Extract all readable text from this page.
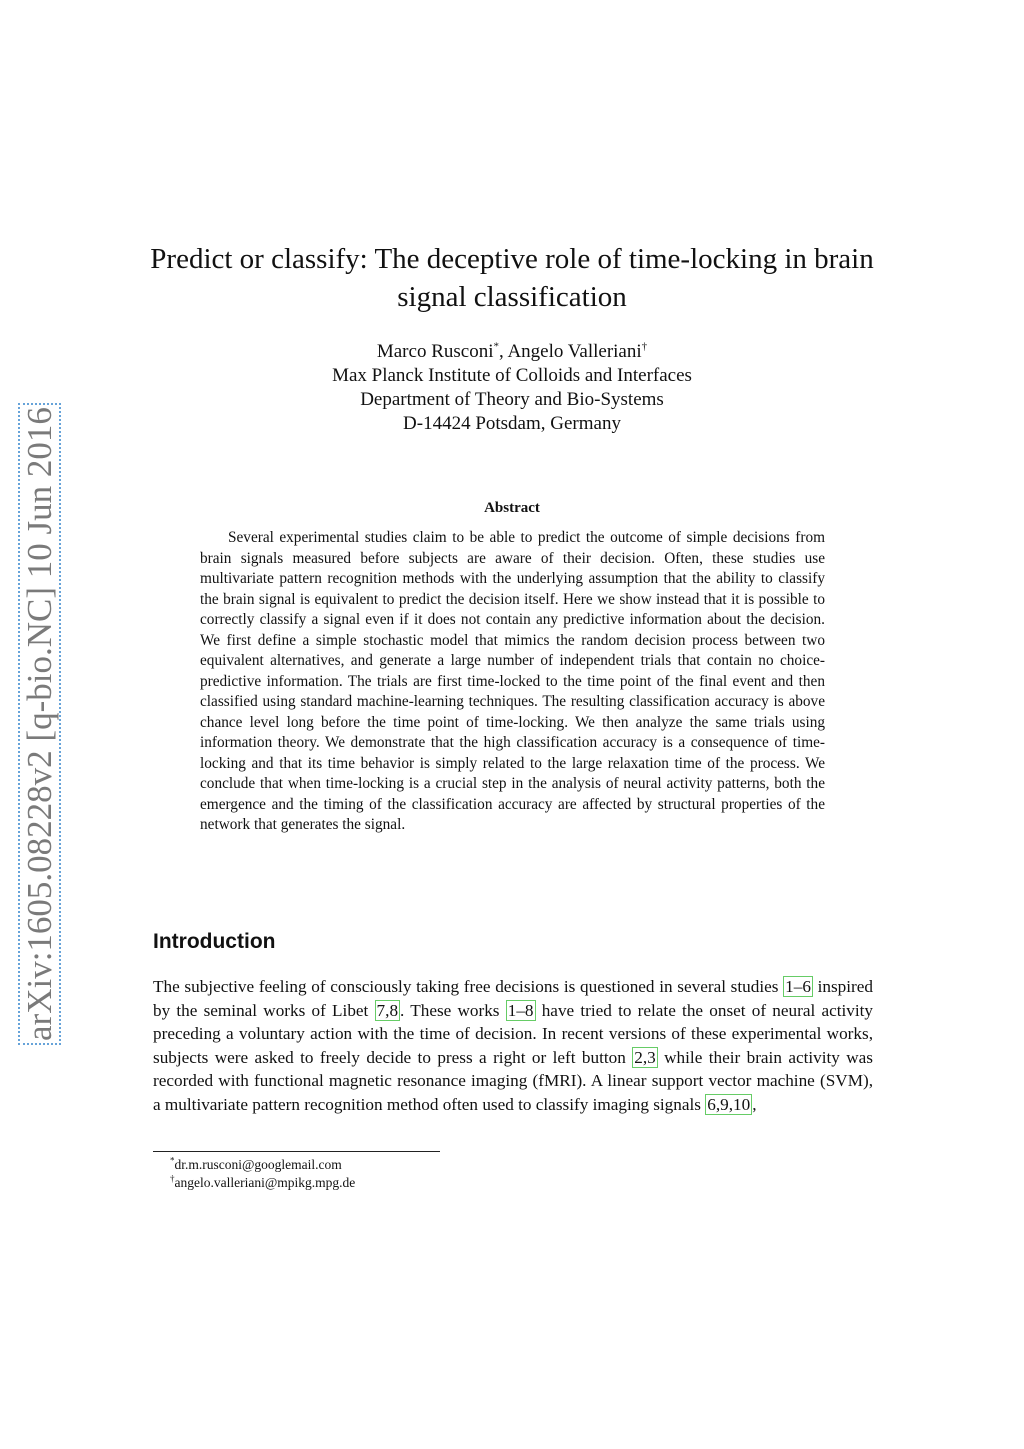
arXiv:1605.08228v2 [q-bio.NC] 10 Jun 2016
Predict or classify: The deceptive role of time-locking in brain signal classification
Marco Rusconi*, Angelo Valleriani†
Max Planck Institute of Colloids and Interfaces
Department of Theory and Bio-Systems
D-14424 Potsdam, Germany
Abstract

Several experimental studies claim to be able to predict the outcome of simple decisions from brain signals measured before subjects are aware of their decision. Often, these studies use multivariate pattern recognition methods with the underlying assumption that the ability to classify the brain signal is equivalent to predict the decision itself. Here we show instead that it is possible to correctly classify a signal even if it does not contain any predictive information about the decision. We first define a simple stochastic model that mimics the random decision process between two equivalent alternatives, and generate a large number of independent trials that contain no choice-predictive information. The trials are first time-locked to the time point of the final event and then classified using standard machine-learning techniques. The resulting classification accuracy is above chance level long before the time point of time-locking. We then analyze the same trials using information theory. We demonstrate that the high classification accuracy is a consequence of time-locking and that its time behavior is simply related to the large relaxation time of the process. We conclude that when time-locking is a crucial step in the analysis of neural activity patterns, both the emergence and the timing of the classification accuracy are affected by structural properties of the network that generates the signal.

Introduction

The subjective feeling of consciously taking free decisions is questioned in several studies 1–6 inspired by the seminal works of Libet 7,8 . These works 1–8 have tried to relate the onset of neural activity preceding a voluntary action with the time of decision. In recent versions of these experimental works, subjects were asked to freely decide to press a right or left button 2,3 while their brain activity was recorded with functional magnetic resonance imaging (fMRI). A linear support vector machine (SVM), a multivariate pattern recognition method often used to classify imaging signals 6,9,10 ,

*dr.m.rusconi@googlemail.com
†angelo.valleriani@mpikg.mpg.de
